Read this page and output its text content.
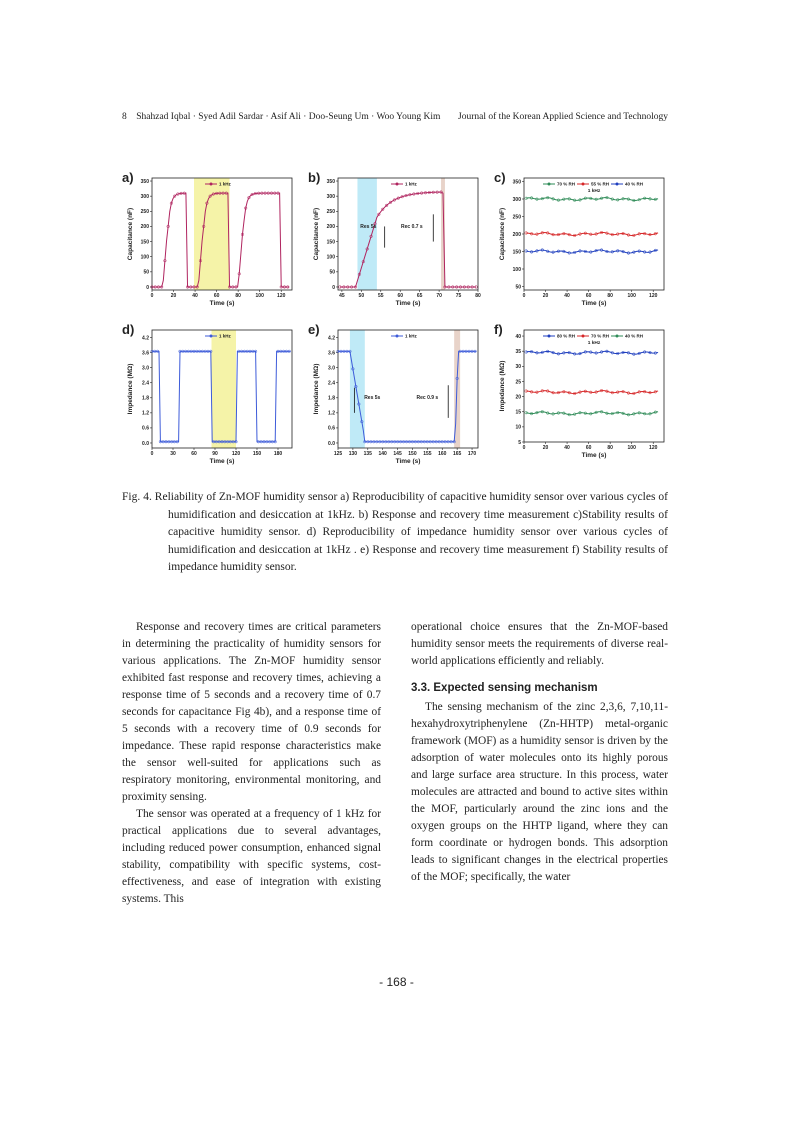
8 Shahzad Iqbal · Syed Adil Sardar · Asif Ali · Doo-Seung Um · Woo Young Kim Journal of the Korean Applied Science and Technology
a)
0	20	40	60	80	100	120
0
50
100
150
200
250
300
350
Time (s)
Capacitance (nF)
1 kHz	b)
45	50	55	60	65	70	75	80
0
50
100
150
200
250
300
350
Time (s)
Capacitance (nF)
1 kHz
Res 5s	Rec 0.7 s
c)
0	20	40	60	80	100	120
50
100
150
200
250
300
350
Time (s)
Capacitance (nF)
70 % RH	55 % RH	40 % RH
1 kHz
d)
0	30	60	90	120	150	180
0.0
0.6
1.2
1.8
2.4
3.0
3.6
4.2
Time (s)
Impedance (MΩ)
1 kHz	e)
125 130 135 140 145 150 155 160 165 170
0.0
0.6
1.2
1.8
2.4
3.0
3.6
4.2
Time (s)
Impedance (MΩ)
1 kHz
Res 5s	Rec 0.9 s
f)
0	20	40	60	80	100	120
5
10
15
20
25
30
35
40
Time (s)
Impedance (MΩ)
80 % RH	70 % RH	40 % RH
1 kHz
Fig. 4. Reliability of Zn-MOF humidity sensor a) Reproducibility of capacitive humidity sensor over various cycles of humidification and desiccation at 1kHz. b) Response and recovery time measurement c)Stability results of capacitive humidity sensor. d) Reproducibility of impedance humidity sensor over various cycles of humidification and desiccation at 1kHz . e) Response and recovery time measurement f) Stability results of impedance humidity sensor.

Response and recovery times are critical parameters in determining the practicality of humidity sensors for various applications. The Zn-MOF humidity sensor exhibited fast response and recovery times, achieving a response time of 5 seconds and a recovery time of 0.7 seconds for capacitance Fig 4b), and a response time of 5 seconds with a recovery time of 0.9 seconds for impedance. These rapid response characteristics make the sensor well-suited for applications such as respiratory monitoring, environmental monitoring, and proximity sensing.

The sensor was operated at a frequency of 1 kHz for practical applications due to several advantages, including reduced power consumption, enhanced signal stability, compatibility with specific systems, cost-effectiveness, and ease of integration with existing systems. This

operational choice ensures that the Zn-MOF-based humidity sensor meets the requirements of diverse real-world applications efficiently and reliably.

3.3. Expected sensing mechanism

The sensing mechanism of the zinc 2,3,6, 7,10,11-hexahydroxytriphenylene (Zn-HHTP) metal-organic framework (MOF) as a humidity sensor is driven by the adsorption of water molecules onto its highly porous and large surface area structure. In this process, water molecules are attracted and bound to active sites within the MOF, particularly around the zinc ions and the oxygen groups on the HHTP ligand, where they can form coordinate or hydrogen bonds. This adsorption leads to significant changes in the electrical properties of the MOF; specifically, the water

- 168 -
